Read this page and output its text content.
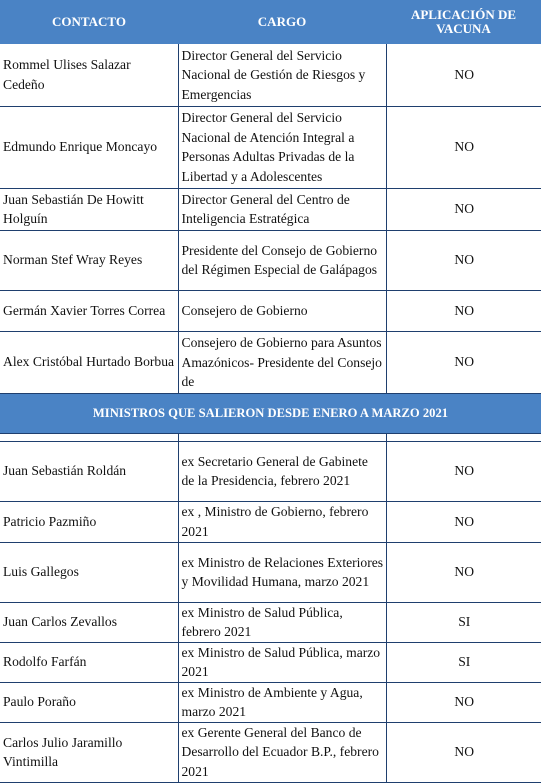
CONTACTO	CARGO	APLICACIÓN DE VACUNA
Rommel Ulises Salazar Cedeño	Director General del Servicio Nacional de Gestión de Riesgos y Emergencias	NO
Edmundo Enrique Moncayo	Director General del Servicio Nacional de Atención Integral a Personas Adultas Privadas de la Libertad y a Adolescentes	NO
Juan Sebastián De Howitt Holguín	Director General del Centro de Inteligencia Estratégica	NO
Norman Stef Wray Reyes	Presidente del Consejo de Gobierno del Régimen Especial de Galápagos	NO
Germán Xavier Torres Correa	Consejero de Gobierno	NO
Alex Cristóbal Hurtado Borbua	Consejero de Gobierno para Asuntos Amazónicos- Presidente del Consejo de	NO
MINISTROS QUE SALIERON DESDE ENERO A MARZO 2021		

Juan Sebastián Roldán	ex Secretario General de Gabinete de la Presidencia, febrero 2021	NO
Patricio Pazmiño	ex , Ministro de Gobierno, febrero 2021	NO
Luis Gallegos	ex Ministro de Relaciones Exteriores y Movilidad Humana, marzo 2021	NO
Juan Carlos Zevallos	ex Ministro de Salud Pública, febrero 2021	SI
Rodolfo Farfán	ex Ministro de Salud Pública, marzo 2021	SI
Paulo Poraño	ex Ministro de Ambiente y Agua, marzo 2021	NO
Carlos Julio Jaramillo Vintimilla	ex Gerente General del Banco de Desarrollo del Ecuador B.P., febrero 2021	NO
